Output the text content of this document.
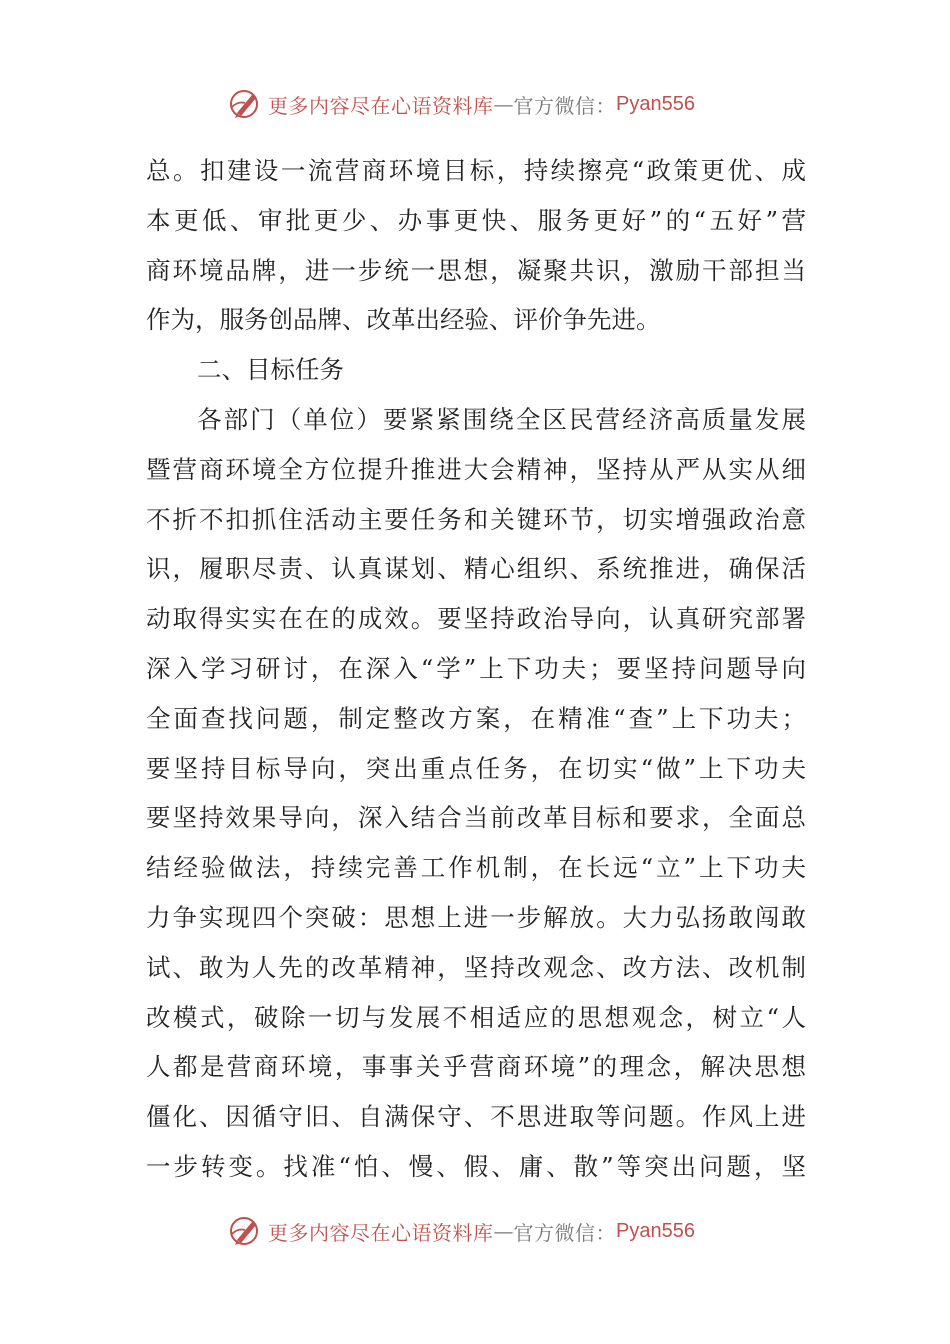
更多内容尽在心语资料库 — 官方微信： Pyan556
总。扣建设一流营商环境目标，持续擦亮“政策更优、成
本更低、审批更少、办事更快、服务更好”的“五好”营
商环境品牌，进一步统一思想，凝聚共识，激励干部担当
作为，服务创品牌、改革出经验、评价争先进。
二、目标任务
各部门（单位）要紧紧围绕全区民营经济高质量发展
暨营商环境全方位提升推进大会精神，坚持从严从实从细
不折不扣抓住活动主要任务和关键环节，切实增强政治意
识，履职尽责、认真谋划、精心组织、系统推进，确保活
动取得实实在在的成效。要坚持政治导向，认真研究部署
深入学习研讨，在深入“学”上下功夫；要坚持问题导向
全面查找问题，制定整改方案，在精准“查”上下功夫；
要坚持目标导向，突出重点任务，在切实“做”上下功夫
要坚持效果导向，深入结合当前改革目标和要求，全面总
结经验做法，持续完善工作机制，在长远“立”上下功夫
力争实现四个突破：思想上进一步解放。大力弘扬敢闯敢
试、敢为人先的改革精神，坚持改观念、改方法、改机制
改模式，破除一切与发展不相适应的思想观念，树立“人
人都是营商环境，事事关乎营商环境”的理念，解决思想
僵化、因循守旧、自满保守、不思进取等问题。作风上进
一步转变。找准“怕、慢、假、庸、散”等突出问题，坚
更多内容尽在心语资料库 — 官方微信： Pyan556
